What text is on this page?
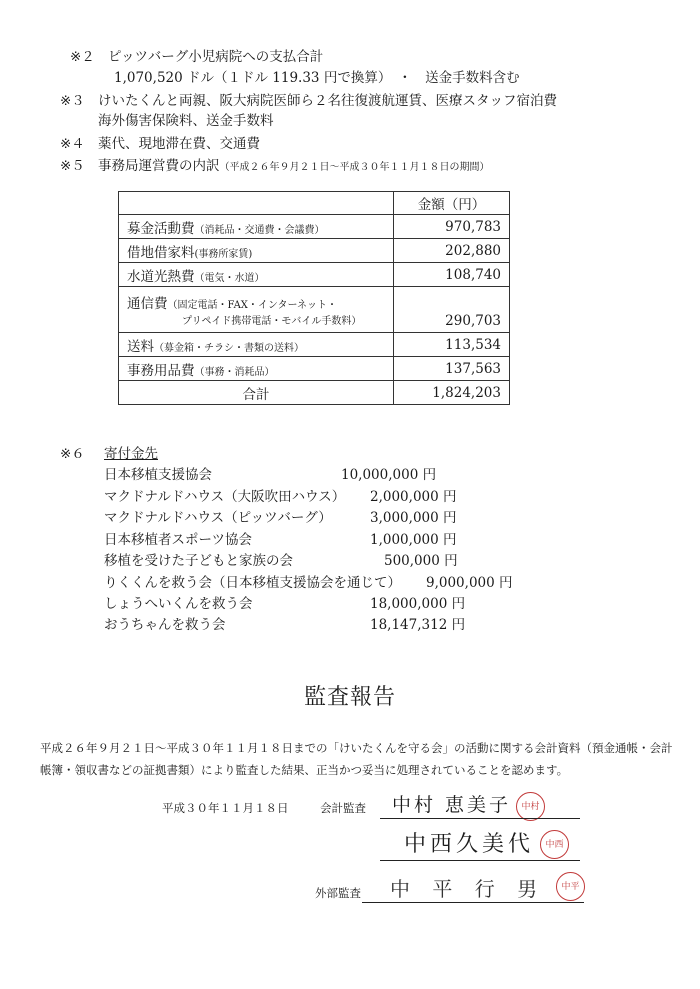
※２ ピッツバーグ小児病院への支払合計
1,070,520 ドル（１ドル 119.33 円で換算）　・　送金手数料含む
※３ けいたくんと両親、阪大病院医師ら２名往復渡航運賃、医療スタッフ宿泊費
海外傷害保険料、送金手数料
※４ 薬代、現地滞在費、交通費
※５ 事務局運営費の内訳（平成２６年９月２１日～平成３０年１１月１８日の期間）
	金額（円）
募金活動費（消耗品・交通費・会議費）	970,783
借地借家料(事務所家賃)	202,880
水道光熱費（電気・水道）	108,740
通信費（固定電話・FAX・インターネット・
プリペイド携帯電話・モバイル手数料）	290,703
送料（募金箱・チラシ・書類の送料）	113,534
事務用品費（事務・消耗品）	137,563
合計	1,824,203
※６ 寄付金先
日本移植支援協会	10,000,000 円
マクドナルドハウス（大阪吹田ハウス） 2,000,000 円
マクドナルドハウス（ピッツバーグ）	3,000,000 円
日本移植者スポーツ協会	1,000,000 円
移植を受けた子どもと家族の会	500,000 円
りくくんを救う会（日本移植支援協会を通じて） 9,000,000 円
しょうへいくんを救う会	18,000,000 円
おうちゃんを救う会	18,147,312 円
監査報告
平成２６年９月２１日～平成３０年１１月１８日までの「けいたくんを守る会」の活動に関する会計資料（預金通帳・会計帳簿・領収書などの証拠書類）により監査した結果、正当かつ妥当に処理されていることを認めます。
平成３０年１１月１８日	会計監査 中村 恵美子	中村
中西久美代	中西
外部監査 中 平 行 男	中平
